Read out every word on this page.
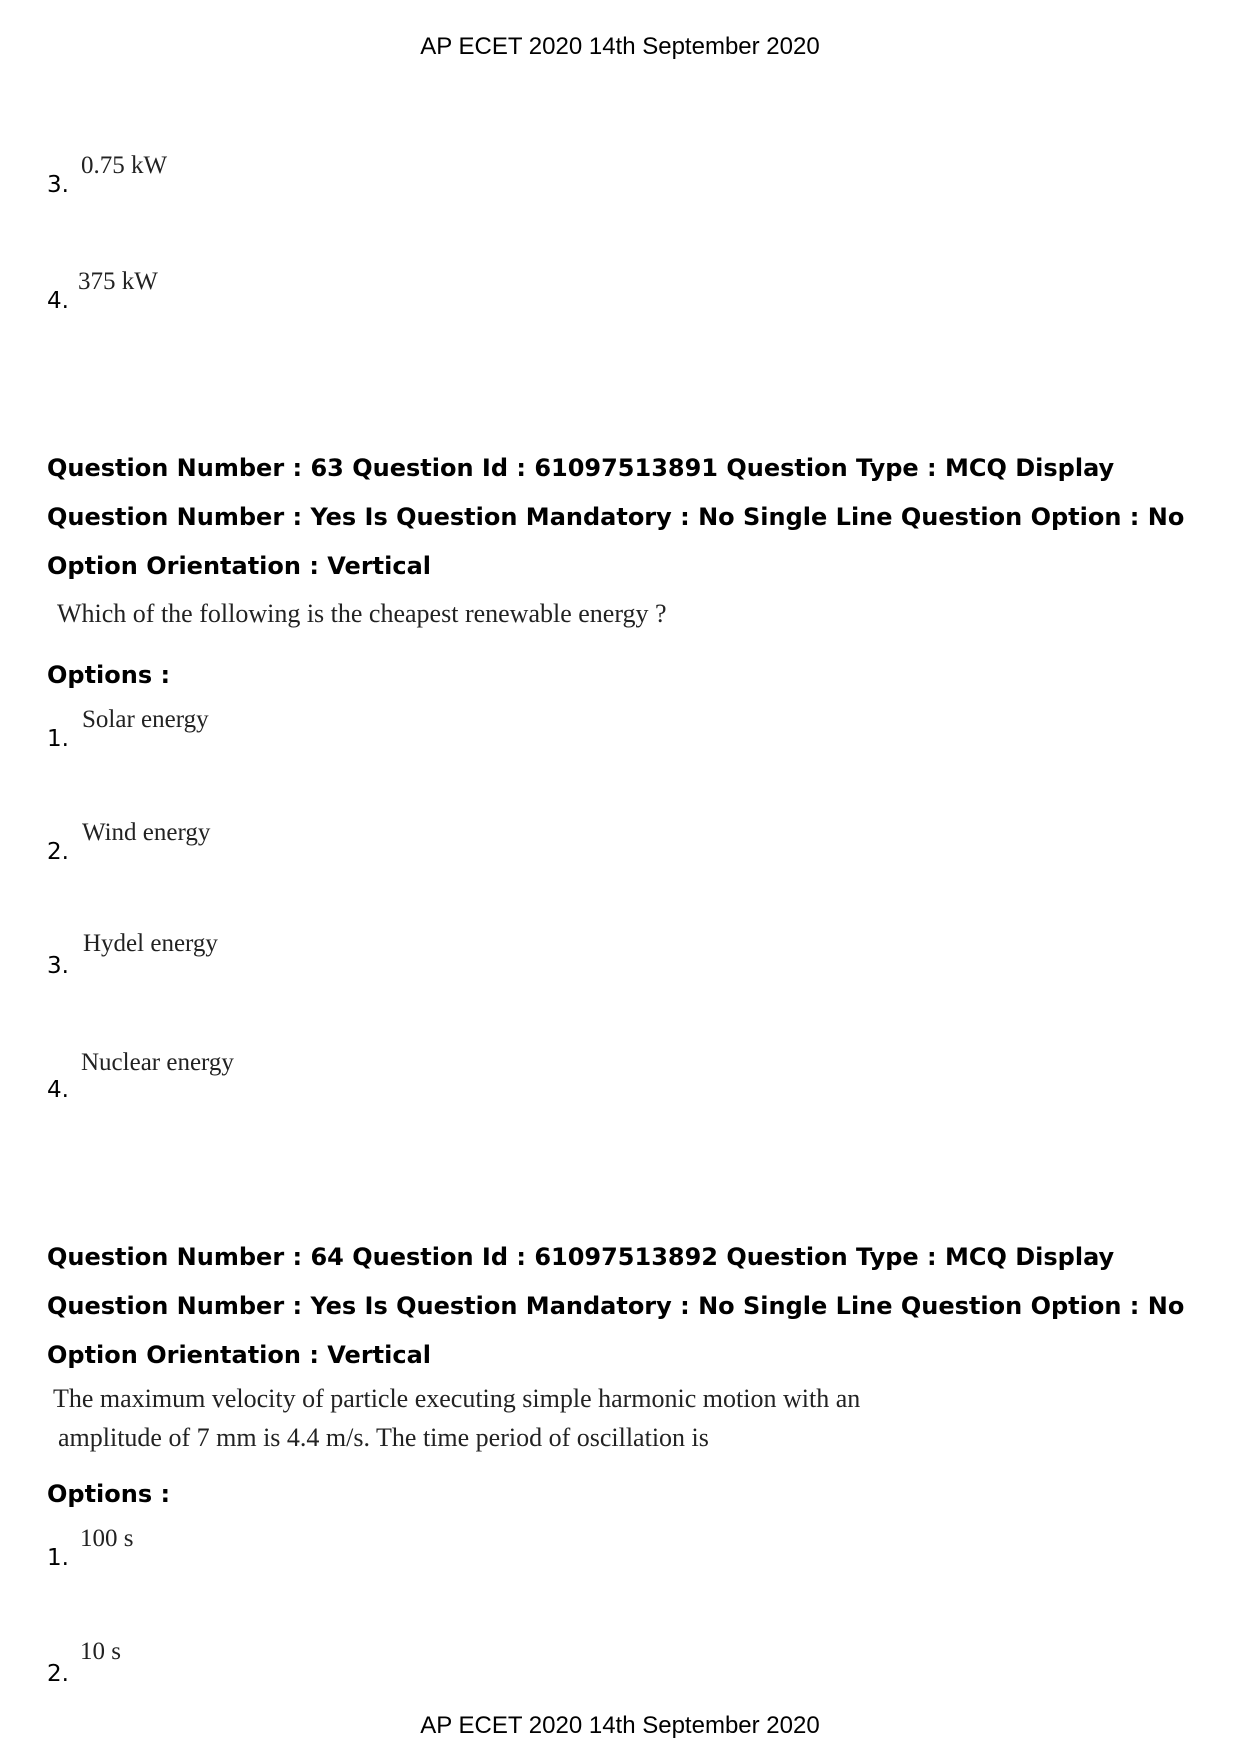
AP ECET 2020 14th September 2020
3.
0.75 kW
4.
375 kW
Question Number : 63 Question Id : 61097513891 Question Type : MCQ Display Question Number : Yes Is Question Mandatory : No Single Line Question Option : No Option Orientation : Vertical
Which of the following is the cheapest renewable energy ?
Options :
1.
Solar energy
2.
Wind energy
3.
Hydel energy
4.
Nuclear energy
Question Number : 64 Question Id : 61097513892 Question Type : MCQ Display Question Number : Yes Is Question Mandatory : No Single Line Question Option : No Option Orientation : Vertical
The maximum velocity of particle executing simple harmonic motion with an
amplitude of 7 mm is 4.4 m/s. The time period of oscillation is
Options :
1.
100 s
2.
10 s
AP ECET 2020 14th September 2020
